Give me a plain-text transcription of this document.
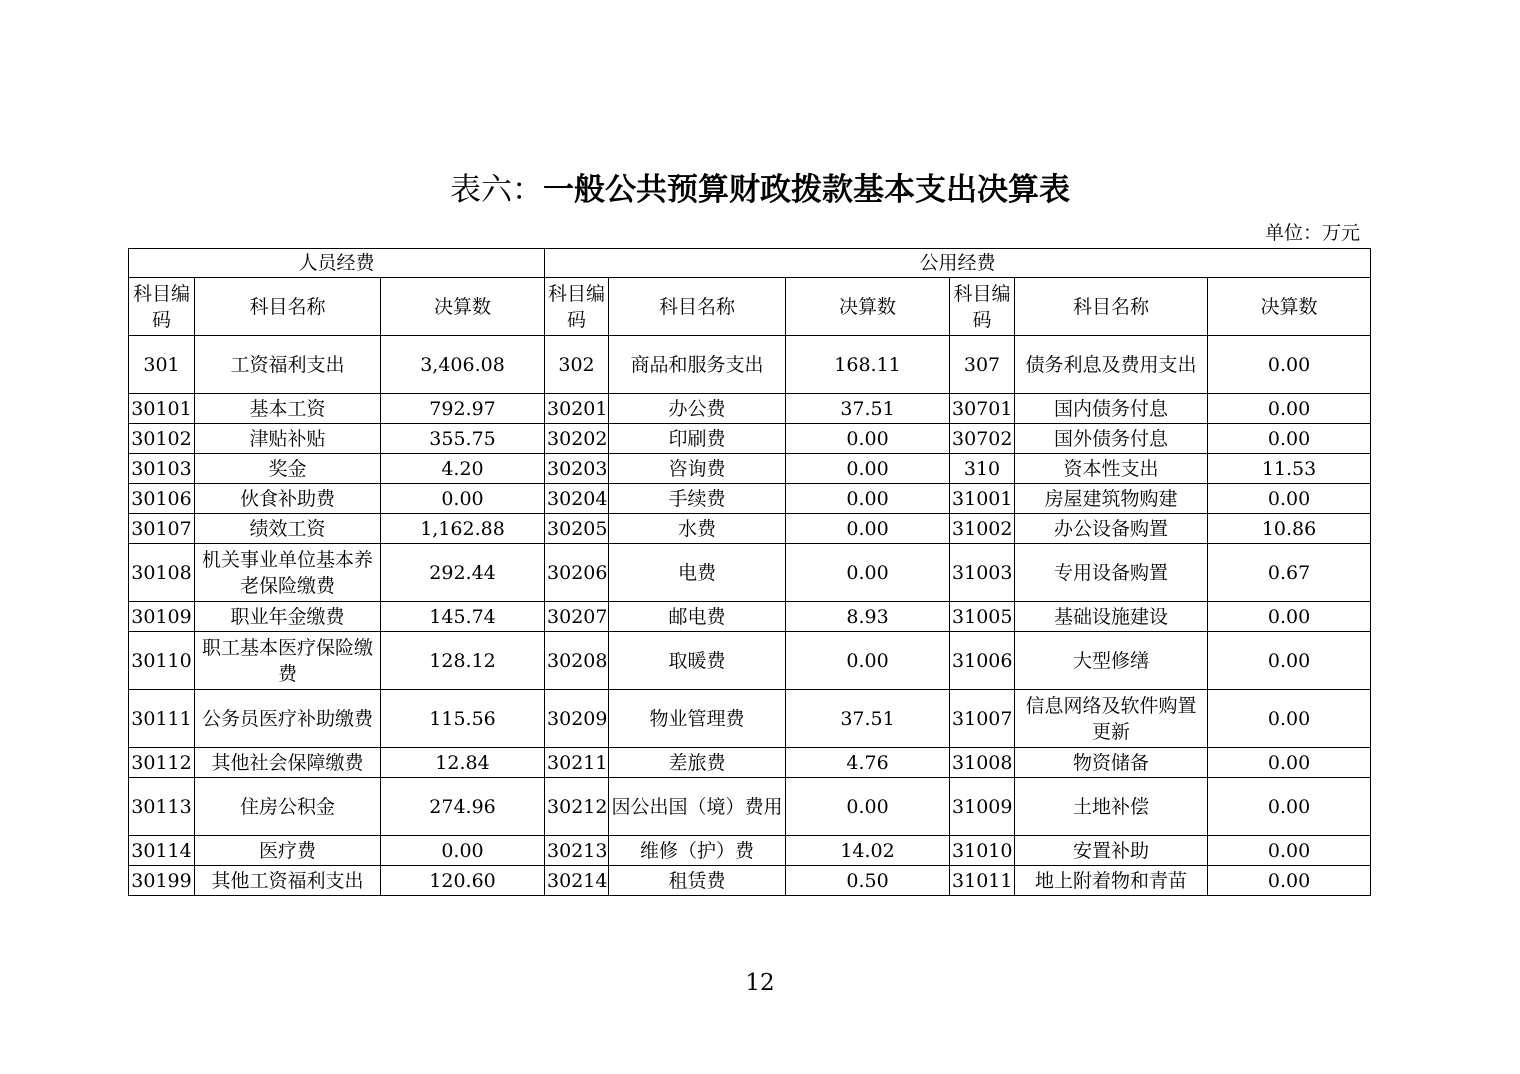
表六：一般公共预算财政拨款基本支出决算表
单位：万元
人员经费			公用经费					
科目编码	科目名称	决算数	科目编码	科目名称	决算数	科目编码	科目名称	决算数
301	工资福利支出	3,406.08	302	商品和服务支出	168.11	307	债务利息及费用支出	0.00
30101	基本工资	792.97	30201	办公费	37.51	30701	国内债务付息	0.00
30102	津贴补贴	355.75	30202	印刷费	0.00	30702	国外债务付息	0.00
30103	奖金	4.20	30203	咨询费	0.00	310	资本性支出	11.53
30106	伙食补助费	0.00	30204	手续费	0.00	31001	房屋建筑物购建	0.00
30107	绩效工资	1,162.88	30205	水费	0.00	31002	办公设备购置	10.86
30108	机关事业单位基本养老保险缴费	292.44	30206	电费	0.00	31003	专用设备购置	0.67
30109	职业年金缴费	145.74	30207	邮电费	8.93	31005	基础设施建设	0.00
30110	职工基本医疗保险缴费	128.12	30208	取暖费	0.00	31006	大型修缮	0.00
30111	公务员医疗补助缴费	115.56	30209	物业管理费	37.51	31007	信息网络及软件购置更新	0.00
30112	其他社会保障缴费	12.84	30211	差旅费	4.76	31008	物资储备	0.00
30113	住房公积金	274.96	30212	因公出国（境）费用	0.00	31009	土地补偿	0.00
30114	医疗费	0.00	30213	维修（护）费	14.02	31010	安置补助	0.00
30199	其他工资福利支出	120.60	30214	租赁费	0.50	31011	地上附着物和青苗	0.00
12
